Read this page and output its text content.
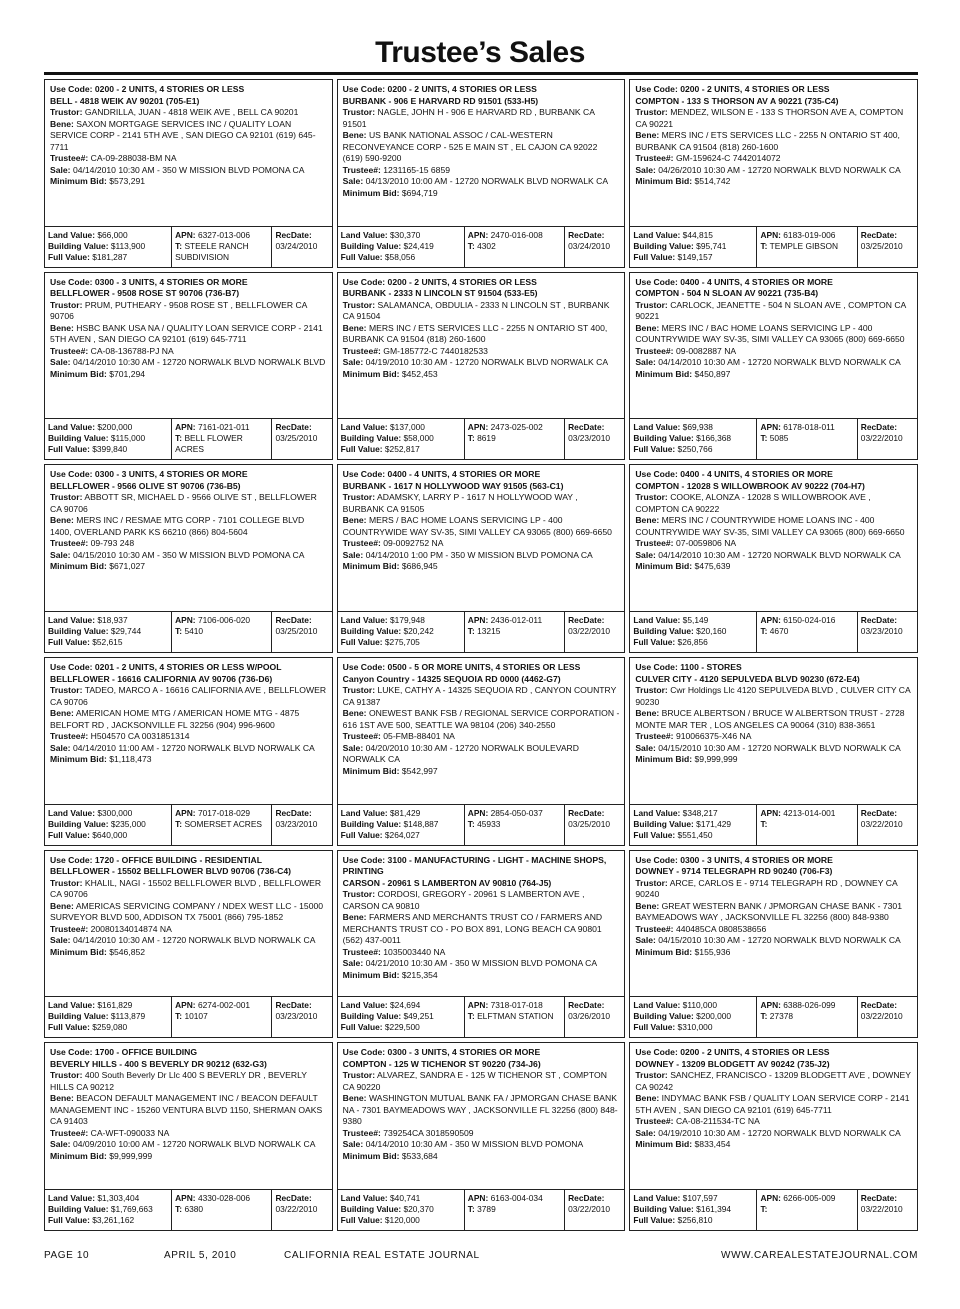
Trustee’s Sales
Use Code: 0200 - 2 UNITS, 4 STORIES OR LESS
BELL - 4818 WEIK AV 90201 (705-E1)
Trustor: GANDRILLA, JUAN - 4818 WEIK AVE , BELL CA 90201
Bene: SAXON MORTGAGE SERVICES INC / QUALITY LOAN SERVICE CORP - 2141 5TH AVE , SAN DIEGO CA 92101 (619) 645-7711
Trustee#: CA-09-288038-BM NA
Sale: 04/14/2010 10:30 AM - 350 W MISSION BLVD POMONA CA
Minimum Bid: $573,291
Land Value: $66,000
Building Value: $113,900
Full Value: $181,287
APN: 6327-013-006
T: STEELE RANCH SUBDIVISION
RecDate:
03/24/2010
Use Code: 0200 - 2 UNITS, 4 STORIES OR LESS
BURBANK - 906 E HARVARD RD 91501 (533-H5)
Trustor: NAGLE, JOHN H - 906 E HARVARD RD , BURBANK CA 91501
Bene: US BANK NATIONAL ASSOC / CAL-WESTERN RECONVEYANCE CORP - 525 E MAIN ST , EL CAJON CA 92022 (619) 590-9200
Trustee#: 1231165-15 6859
Sale: 04/13/2010 10:00 AM - 12720 NORWALK BLVD NORWALK CA
Minimum Bid: $694,719
Land Value: $30,370
Building Value: $24,419
Full Value: $58,056
APN: 2470-016-008
T: 4302
RecDate:
03/24/2010
Use Code: 0200 - 2 UNITS, 4 STORIES OR LESS
COMPTON - 133 S THORSON AV A 90221 (735-C4)
Trustor: MENDEZ, WILSON E - 133 S THORSON AVE A, COMPTON CA 90221
Bene: MERS INC / ETS SERVICES LLC - 2255 N ONTARIO ST 400, BURBANK CA 91504 (818) 260-1600
Trustee#: GM-159624-C 7442014072
Sale: 04/26/2010 10:30 AM - 12720 NORWALK BLVD NORWALK CA
Minimum Bid: $514,742
Land Value: $44,815
Building Value: $95,741
Full Value: $149,157
APN: 6183-019-006
T: TEMPLE GIBSON
RecDate:
03/25/2010
Use Code: 0300 - 3 UNITS, 4 STORIES OR MORE
BELLFLOWER - 9508 ROSE ST 90706 (736-B7)
Trustor: PRUM, PUTHEARY - 9508 ROSE ST , BELLFLOWER CA 90706
Bene: HSBC BANK USA NA / QUALITY LOAN SERVICE CORP - 2141 5TH AVEN , SAN DIEGO CA 92101 (619) 645-7711
Trustee#: CA-08-136788-PJ NA
Sale: 04/14/2010 10:30 AM - 12720 NORWALK BLVD NORWALK BLVD
Minimum Bid: $701,294
Land Value: $200,000
Building Value: $115,000
Full Value: $399,840
APN: 7161-021-011
T: BELL FLOWER ACRES
RecDate:
03/25/2010
Use Code: 0200 - 2 UNITS, 4 STORIES OR LESS
BURBANK - 2333 N LINCOLN ST 91504 (533-E5)
Trustor: SALAMANCA, OBDULIA - 2333 N LINCOLN ST , BURBANK CA 91504
Bene: MERS INC / ETS SERVICES LLC - 2255 N ONTARIO ST 400, BURBANK CA 91504 (818) 260-1600
Trustee#: GM-185772-C 7440182533
Sale: 04/19/2010 10:30 AM - 12720 NORWALK BLVD NORWALK CA
Minimum Bid: $452,453
Land Value: $137,000
Building Value: $58,000
Full Value: $252,817
APN: 2473-025-002
T: 8619
RecDate:
03/23/2010
Use Code: 0400 - 4 UNITS, 4 STORIES OR MORE
COMPTON - 504 N SLOAN AV 90221 (735-B4)
Trustor: CARLOCK, JEANETTE - 504 N SLOAN AVE , COMPTON CA 90221
Bene: MERS INC / BAC HOME LOANS SERVICING LP - 400 COUNTRYWIDE WAY SV-35, SIMI VALLEY CA 93065 (800) 669-6650
Trustee#: 09-0082887 NA
Sale: 04/14/2010 10:30 AM - 12720 NORWALK BLVD NORWALK CA
Minimum Bid: $450,897
Land Value: $69,938
Building Value: $166,368
Full Value: $250,766
APN: 6178-018-011
T: 5085
RecDate:
03/22/2010
Use Code: 0300 - 3 UNITS, 4 STORIES OR MORE
BELLFLOWER - 9566 OLIVE ST 90706 (736-B5)
Trustor: ABBOTT SR, MICHAEL D - 9566 OLIVE ST , BELLFLOWER CA 90706
Bene: MERS INC / RESMAE MTG CORP - 7101 COLLEGE BLVD 1400, OVERLAND PARK KS 66210 (866) 804-5604
Trustee#: 09-793 248
Sale: 04/15/2010 10:30 AM - 350 W MISSION BLVD POMONA CA
Minimum Bid: $671,027
Land Value: $18,937
Building Value: $29,744
Full Value: $52,615
APN: 7106-006-020
T: 5410
RecDate:
03/25/2010
Use Code: 0400 - 4 UNITS, 4 STORIES OR MORE
BURBANK - 1617 N HOLLYWOOD WAY 91505 (563-C1)
Trustor: ADAMSKY, LARRY P - 1617 N HOLLYWOOD WAY , BURBANK CA 91505
Bene: MERS / BAC HOME LOANS SERVICING LP - 400 COUNTRYWIDE WAY SV-35, SIMI VALLEY CA 93065 (800) 669-6650
Trustee#: 09-0092752 NA
Sale: 04/14/2010 1:00 PM - 350 W MISSION BLVD POMONA CA
Minimum Bid: $686,945
Land Value: $179,948
Building Value: $20,242
Full Value: $275,705
APN: 2436-012-011
T: 13215
RecDate:
03/22/2010
Use Code: 0400 - 4 UNITS, 4 STORIES OR MORE
COMPTON - 12028 S WILLOWBROOK AV 90222 (704-H7)
Trustor: COOKE, ALONZA - 12028 S WILLOWBROOK AVE , COMPTON CA 90222
Bene: MERS INC / COUNTRYWIDE HOME LOANS INC - 400 COUNTRYWIDE WAY SV-35, SIMI VALLEY CA 93065 (800) 669-6650
Trustee#: 07-0059806 NA
Sale: 04/14/2010 10:30 AM - 12720 NORWALK BLVD NORWALK CA
Minimum Bid: $475,639
Land Value: $5,149
Building Value: $20,160
Full Value: $26,856
APN: 6150-024-016
T: 4670
RecDate:
03/23/2010
Use Code: 0201 - 2 UNITS, 4 STORIES OR LESS W/POOL
BELLFLOWER - 16616 CALIFORNIA AV 90706 (736-D6)
Trustor: TADEO, MARCO A - 16616 CALIFORNIA AVE , BELLFLOWER CA 90706
Bene: AMERICAN HOME MTG / AMERICAN HOME MTG - 4875 BELFORT RD , JACKSONVILLE FL 32256 (904) 996-9600
Trustee#: H504570 CA 0031851314
Sale: 04/14/2010 11:00 AM - 12720 NORWALK BLVD NORWALK CA
Minimum Bid: $1,118,473
Land Value: $300,000
Building Value: $235,000
Full Value: $640,000
APN: 7017-018-029
T: SOMERSET ACRES
RecDate:
03/23/2010
Use Code: 0500 - 5 OR MORE UNITS, 4 STORIES OR LESS
Canyon Country - 14325 SEQUOIA RD 0000 (4462-G7)
Trustor: LUKE, CATHY A - 14325 SEQUOIA RD , CANYON COUNTRY CA 91387
Bene: ONEWEST BANK FSB / REGIONAL SERVICE CORPORATION - 616 1ST AVE 500, SEATTLE WA 98104 (206) 340-2550
Trustee#: 05-FMB-88401 NA
Sale: 04/20/2010 10:30 AM - 12720 NORWALK BOULEVARD NORWALK CA
Minimum Bid: $542,997
Land Value: $81,429
Building Value: $148,887
Full Value: $264,027
APN: 2854-050-037
T: 45933
RecDate:
03/25/2010
Use Code: 1100 - STORES
CULVER CITY - 4120 SEPULVEDA BLVD 90230 (672-E4)
Trustor: Cwr Holdings Llc 4120 SEPULVEDA BLVD , CULVER CITY CA 90230
Bene: BRUCE ALBERTSON / BRUCE W ALBERTSON TRUST - 2728 MONTE MAR TER , LOS ANGELES CA 90064 (310) 838-3651
Trustee#: 910066375-X46 NA
Sale: 04/15/2010 10:30 AM - 12720 NORWALK BLVD NORWALK CA
Minimum Bid: $9,999,999
Land Value: $348,217
Building Value: $171,429
Full Value: $551,450
APN: 4213-014-001
T:
RecDate:
03/22/2010
Use Code: 1720 - OFFICE BUILDING - RESIDENTIAL
BELLFLOWER - 15502 BELLFLOWER BLVD 90706 (736-C4)
Trustor: KHALIL, NAGI - 15502 BELLFLOWER BLVD , BELLFLOWER CA 90706
Bene: AMERICAS SERVICING COMPANY / NDEX WEST LLC - 15000 SURVEYOR BLVD 500, ADDISON TX 75001 (866) 795-1852
Trustee#: 20080134014874 NA
Sale: 04/14/2010 10:30 AM - 12720 NORWALK BLVD NORWALK CA
Minimum Bid: $546,852
Land Value: $161,829
Building Value: $113,879
Full Value: $259,080
APN: 6274-002-001
T: 10107
RecDate:
03/23/2010
Use Code: 3100 - MANUFACTURING - LIGHT - MACHINE SHOPS, PRINTING
CARSON - 20961 S LAMBERTON AV 90810 (764-J5)
Trustor: CORDOSI, GREGORY - 20961 S LAMBERTON AVE , CARSON CA 90810
Bene: FARMERS AND MERCHANTS TRUST CO / FARMERS AND MERCHANTS TRUST CO - PO BOX 891, LONG BEACH CA 90801 (562) 437-0011
Trustee#: 1035003440 NA
Sale: 04/21/2010 10:30 AM - 350 W MISSION BLVD POMONA CA
Minimum Bid: $215,354
Land Value: $24,694
Building Value: $49,251
Full Value: $229,500
APN: 7318-017-018
T: ELFTMAN STATION
RecDate:
03/26/2010
Use Code: 0300 - 3 UNITS, 4 STORIES OR MORE
DOWNEY - 9714 TELEGRAPH RD 90240 (706-F3)
Trustor: ARCE, CARLOS E - 9714 TELEGRAPH RD , DOWNEY CA 90240
Bene: GREAT WESTERN BANK / JPMORGAN CHASE BANK - 7301 BAYMEADOWS WAY , JACKSONVILLE FL 32256 (800) 848-9380
Trustee#: 440485CA 0808538656
Sale: 04/15/2010 10:30 AM - 12720 NORWALK BLVD NORWALK CA
Minimum Bid: $155,936
Land Value: $110,000
Building Value: $200,000
Full Value: $310,000
APN: 6388-026-099
T: 27378
RecDate:
03/22/2010
Use Code: 1700 - OFFICE BUILDING
BEVERLY HILLS - 400 S BEVERLY DR 90212 (632-G3)
Trustor: 400 South Beverly Dr Llc 400 S BEVERLY DR , BEVERLY HILLS CA 90212
Bene: BEACON DEFAULT MANAGEMENT INC / BEACON DEFAULT MANAGEMENT INC - 15260 VENTURA BLVD 1150, SHERMAN OAKS CA 91403
Trustee#: CA-WFT-090033 NA
Sale: 04/09/2010 10:00 AM - 12720 NORWALK BLVD NORWALK CA
Minimum Bid: $9,999,999
Land Value: $1,303,404
Building Value: $1,769,663
Full Value: $3,261,162
APN: 4330-028-006
T: 6380
RecDate:
03/22/2010
Use Code: 0300 - 3 UNITS, 4 STORIES OR MORE
COMPTON - 125 W TICHENOR ST 90220 (734-J6)
Trustor: ALVAREZ, SANDRA E - 125 W TICHENOR ST , COMPTON CA 90220
Bene: WASHINGTON MUTUAL BANK FA / JPMORGAN CHASE BANK NA - 7301 BAYMEADOWS WAY , JACKSONVILLE FL 32256 (800) 848-9380
Trustee#: 739254CA 3018590509
Sale: 04/14/2010 10:30 AM - 350 W MISSION BLVD POMONA
Minimum Bid: $533,684
Land Value: $40,741
Building Value: $20,370
Full Value: $120,000
APN: 6163-004-034
T: 3789
RecDate:
03/22/2010
Use Code: 0200 - 2 UNITS, 4 STORIES OR LESS
DOWNEY - 13209 BLODGETT AV 90242 (735-J2)
Trustor: SANCHEZ, FRANCISCO - 13209 BLODGETT AVE , DOWNEY CA 90242
Bene: INDYMAC BANK FSB / QUALITY LOAN SERVICE CORP - 2141 5TH AVEN , SAN DIEGO CA 92101 (619) 645-7711
Trustee#: CA-08-211534-TC NA
Sale: 04/19/2010 10:30 AM - 12720 NORWALK BLVD NORWALK CA
Minimum Bid: $833,454
Land Value: $107,597
Building Value: $161,394
Full Value: $256,810
APN: 6266-005-009
T:
RecDate:
03/22/2010
PAGE 10	APRIL 5, 2010	CALIFORNIA REAL ESTATE JOURNAL	WWW.CAREALESTATEJOURNAL.COM
